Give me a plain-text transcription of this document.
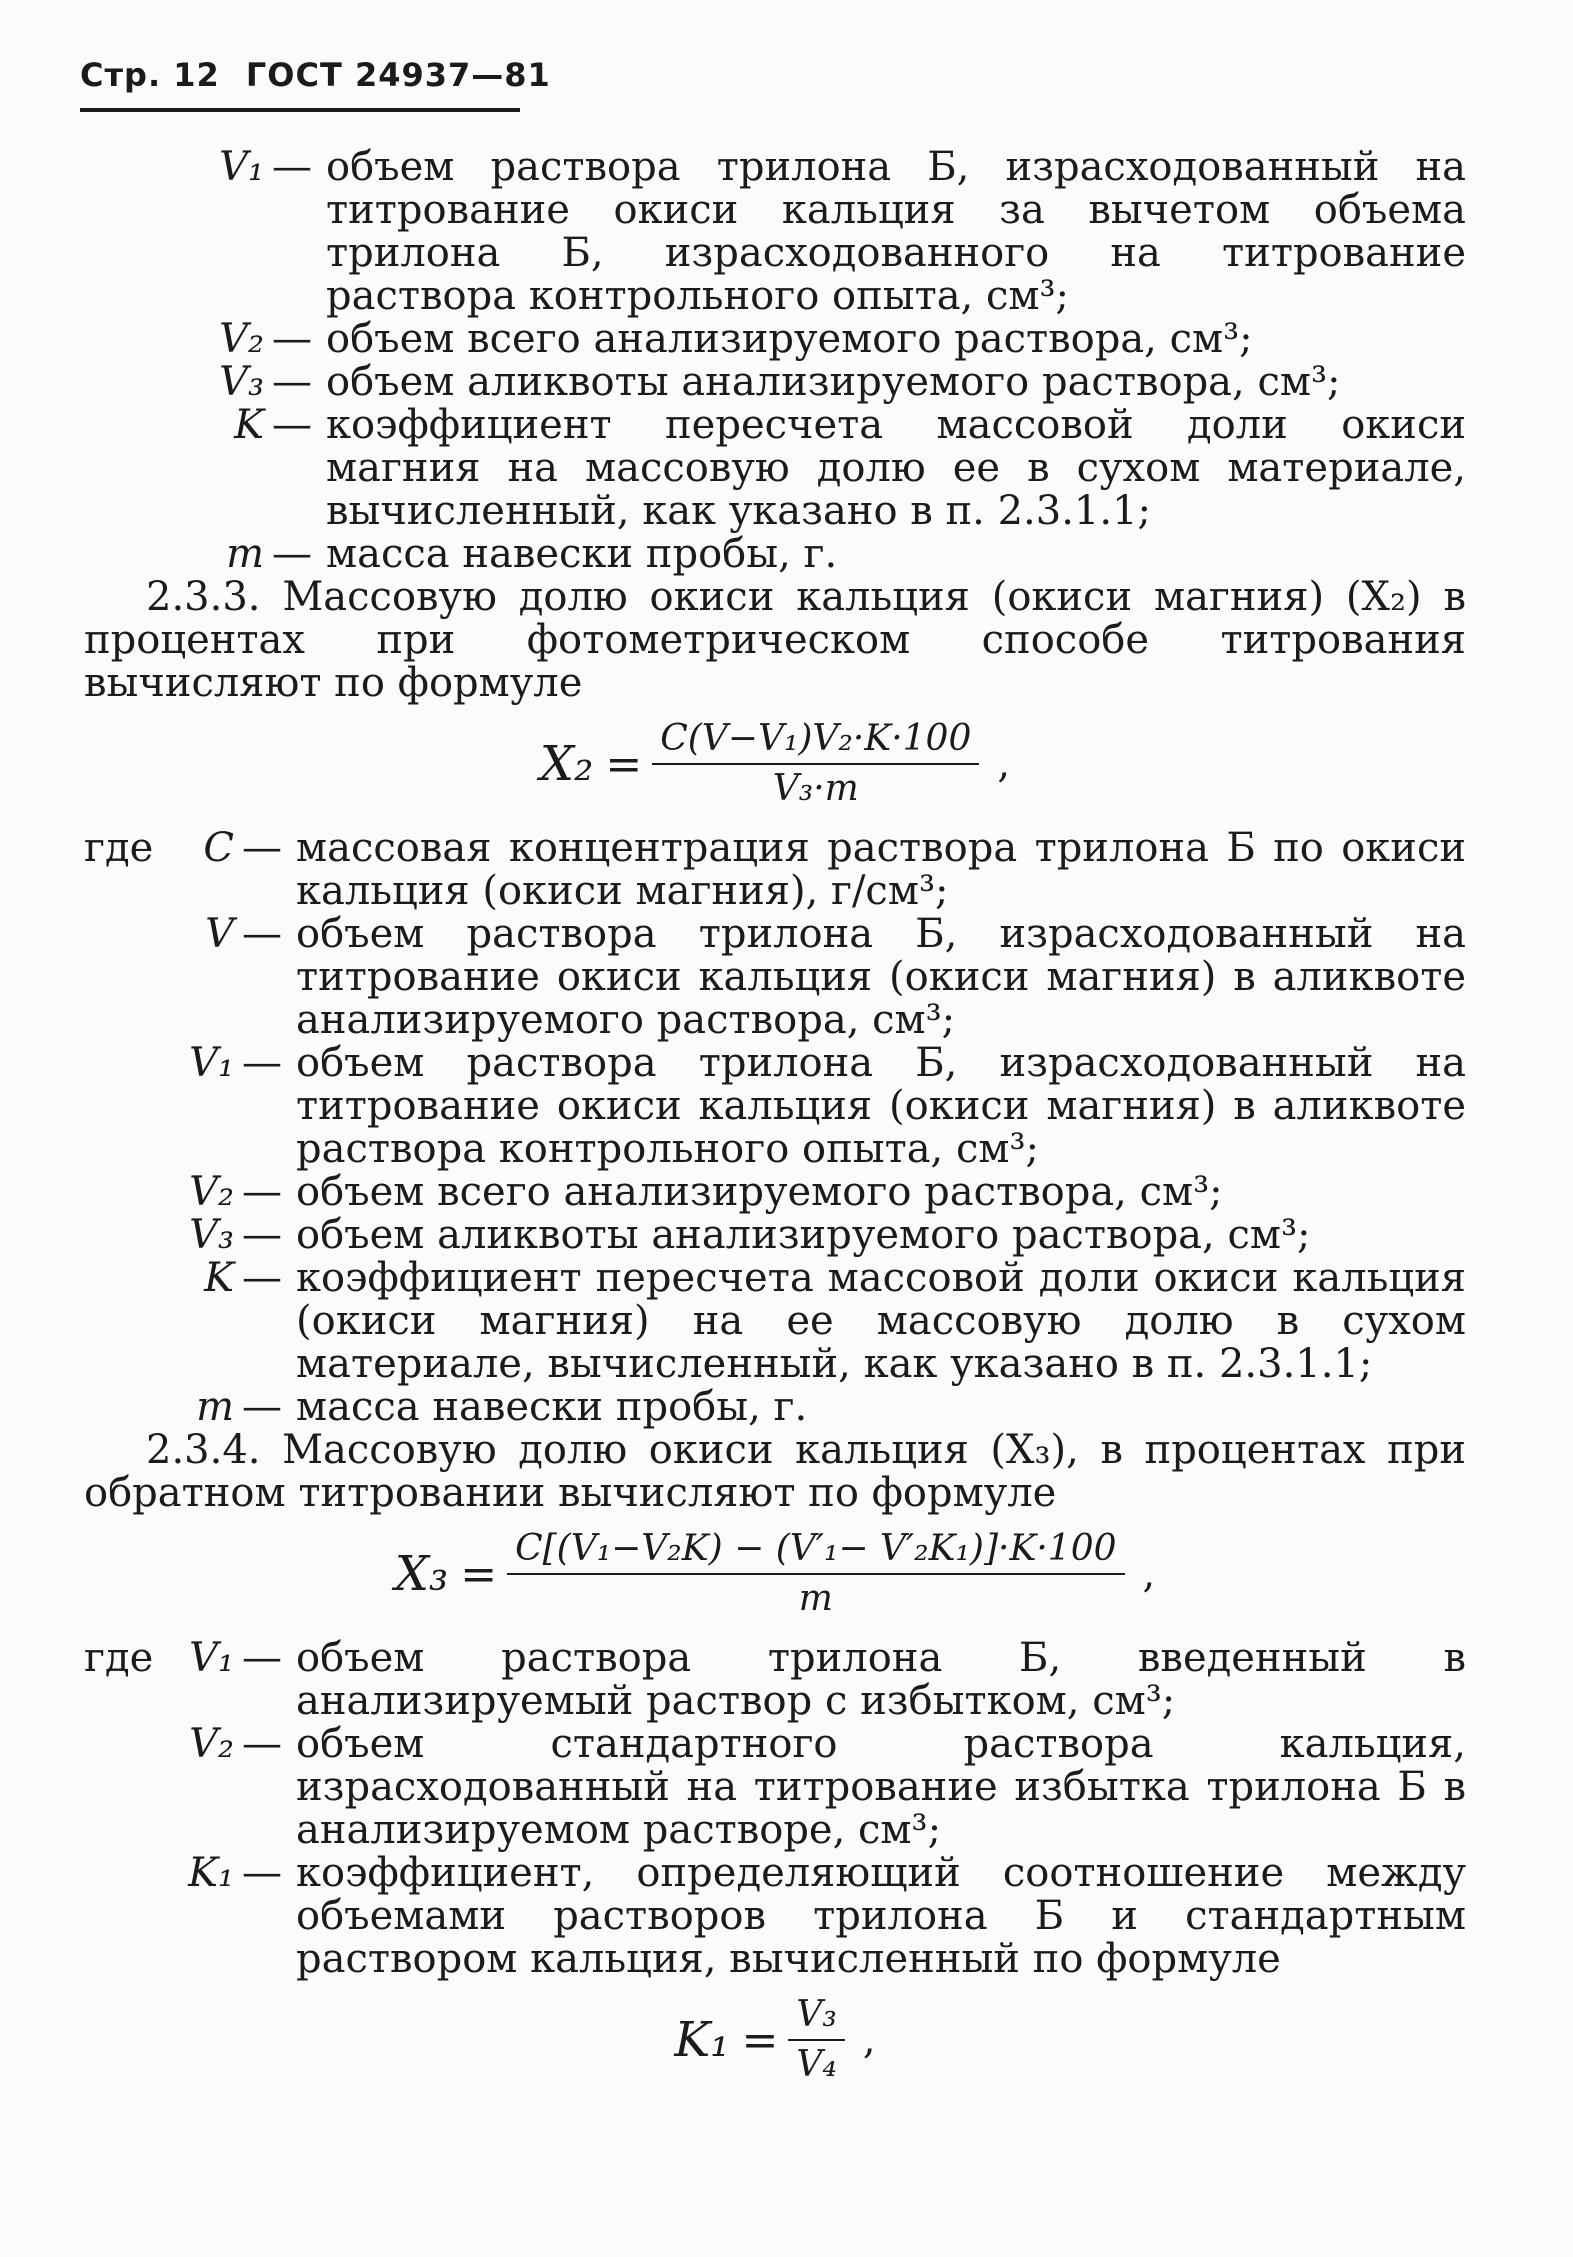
Стр. 12 ГОСТ 24937—81
V₁ — объем раствора трилона Б, израсходованный на титрование окиси кальция за вычетом объема трилона Б, израсходованного на титрование раствора контрольного опыта, см³;
V₂ — объем всего анализируемого раствора, см³;
V₃ — объем аликвоты анализируемого раствора, см³;
K — коэффициент пересчета массовой доли окиси магния на массовую долю ее в сухом материале, вычисленный, как указано в п. 2.3.1.1;
m — масса навески пробы, г.
2.3.3. Массовую долю окиси кальция (окиси магния) (X₂) в процентах при фотометрическом способе титрования вычисляют по формуле
$X_2 = \frac{\text{C(V−V₁)V₂·K·100}}{\text{V₃·m}}$ ,
где	C — массовая концентрация раствора трилона Б по окиси кальция (окиси магния), г/см³;
V — объем раствора трилона Б, израсходованный на титрование окиси кальция (окиси магния) в аликвоте анализируемого раствора, см³;
V₁ — объем раствора трилона Б, израсходованный на титрование окиси кальция (окиси магния) в аликвоте раствора контрольного опыта, см³;
V₂ — объем всего анализируемого раствора, см³;
V₃ — объем аликвоты анализируемого раствора, см³;
K — коэффициент пересчета массовой доли окиси кальция (окиси магния) на ее массовую долю в сухом материале, вычисленный, как указано в п. 2.3.1.1;
m — масса навески пробы, г.
2.3.4. Массовую долю окиси кальция (X₃), в процентах при обратном титровании вычисляют по формуле
$X_3 = \frac{\text{C[(V₁−V₂K) − (V′₁− V′₂K₁)]·K·100}}{m}$ ,
где V₁ — объем раствора трилона Б, введенный в анализируемый раствор с избытком, см³;
V₂ — объем стандартного раствора кальция, израсходованный на титрование избытка трилона Б в анализируемом растворе, см³;
K₁ — коэффициент, определяющий соотношение между объемами растворов трилона Б и стандартным раствором кальция, вычисленный по формуле
$K_1 = \frac{\text{V₃}}{\text{V₄}}$ ,
